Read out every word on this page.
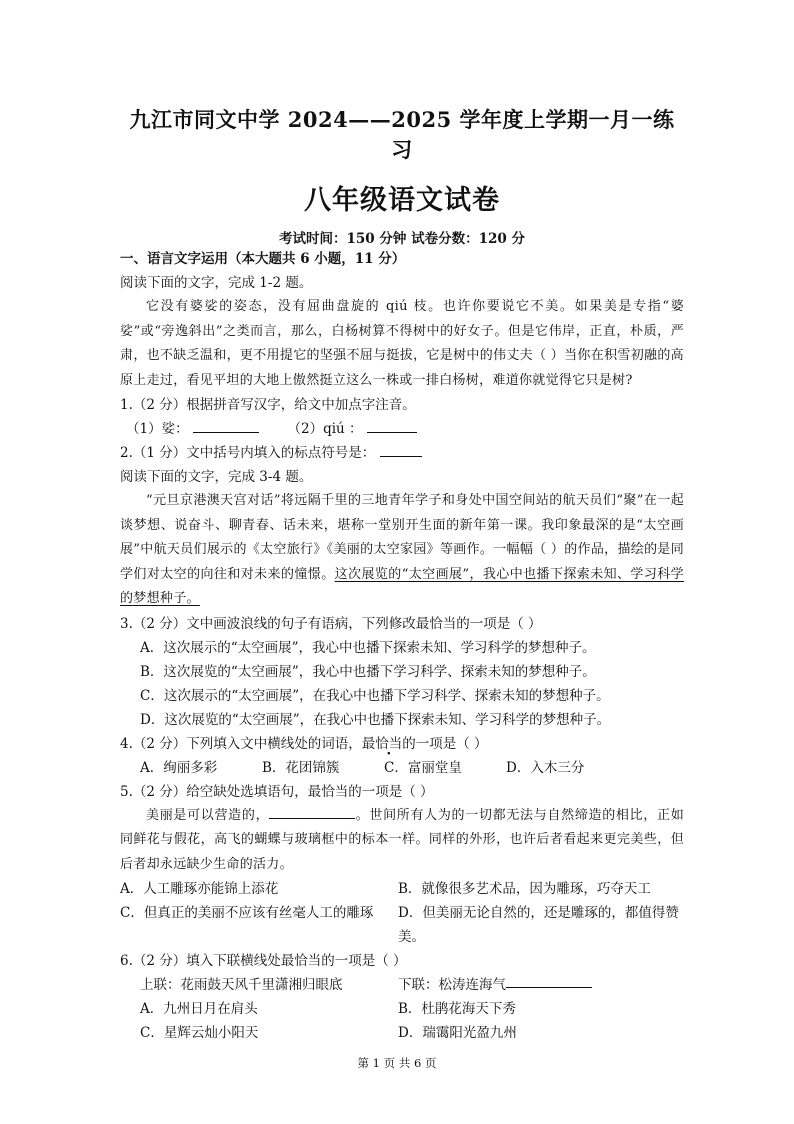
九江市同文中学 2024——2025 学年度上学期一月一练习
八年级语文试卷
考试时间：150 分钟 试卷分数：120 分
一、语言文字运用（本大题共 6 小题，11 分）
阅读下面的文字，完成 1-2 题。
它没有婆娑的姿态，没有屈曲盘旋的 qiú 枝。也许你要说它不美。如果美是专指“婆娑”或“旁逸斜出”之类而言，那么，白杨树算不得树中的好女子。但是它伟岸，正直，朴质，严肃，也不缺乏温和，更不用提它的坚强不屈与挺拔，它是树中的伟丈夫（ ）当你在积雪初融的高原上走过，看见平坦的大地上傲然挺立这么一株或一排白杨树，难道你就觉得它只是树?
1.（2 分）根据拼音写汉字，给文中加点字注音。
（1）娑：	（2）qiú ：
2.（1 分）文中括号内填入的标点符号是：
阅读下面的文字，完成 3-4 题。
“元旦京港澳天宫对话”将远隔千里的三地青年学子和身处中国空间站的航天员们“聚”在一起谈梦想、说奋斗、聊青春、话未来，堪称一堂别开生面的新年第一课。我印象最深的是“太空画展”中航天员们展示的《太空旅行》《美丽的太空家园》等画作。一幅幅（ ）的作品，描绘的是同学们对太空的向往和对未来的憧憬。这次展览的“太空画展”，我心中也播下探索未知、学习科学的梦想种子。
3.（2 分）文中画波浪线的句子有语病，下列修改最恰当的一项是（ ）
A．这次展示的“太空画展”，我心中也播下探索未知、学习科学的梦想种子。
B．这次展览的“太空画展”，我心中也播下学习科学、探索未知的梦想种子。
C．这次展示的“太空画展”，在我心中也播下学习科学、探索未知的梦想种子。
D．这次展览的“太空画展”，在我心中也播下探索未知、学习科学的梦想种子。
4.（2 分）下列填入文中横线处的词语，最恰当的一项是（ ）
A．绚丽多彩	B．花团锦簇	C．富丽堂皇	D．入木三分
5.（2 分）给空缺处选填语句，最恰当的一项是（ ）
美丽是可以营造的，	。世间所有人为的一切都无法与自然缔造的相比，正如同鲜花与假花，高飞的蝴蝶与玻璃框中的标本一样。同样的外形，也许后者看起来更完美些，但后者却永远缺少生命的活力。
A．人工雕琢亦能锦上添花	B．就像很多艺术品，因为雕琢，巧夺天工
C．但真正的美丽不应该有丝毫人工的雕琢	D．但美丽无论自然的，还是雕琢的，都值得赞美。
6.（2 分）填入下联横线处最恰当的一项是（ ）
上联：花雨鼓天风千里潇湘归眼底	下联：松涛连海气
A．九州日月在肩头	B．杜鹃花海天下秀
C．星辉云灿小阳天	D．瑞霭阳光盈九州
第 1 页 共 6 页
